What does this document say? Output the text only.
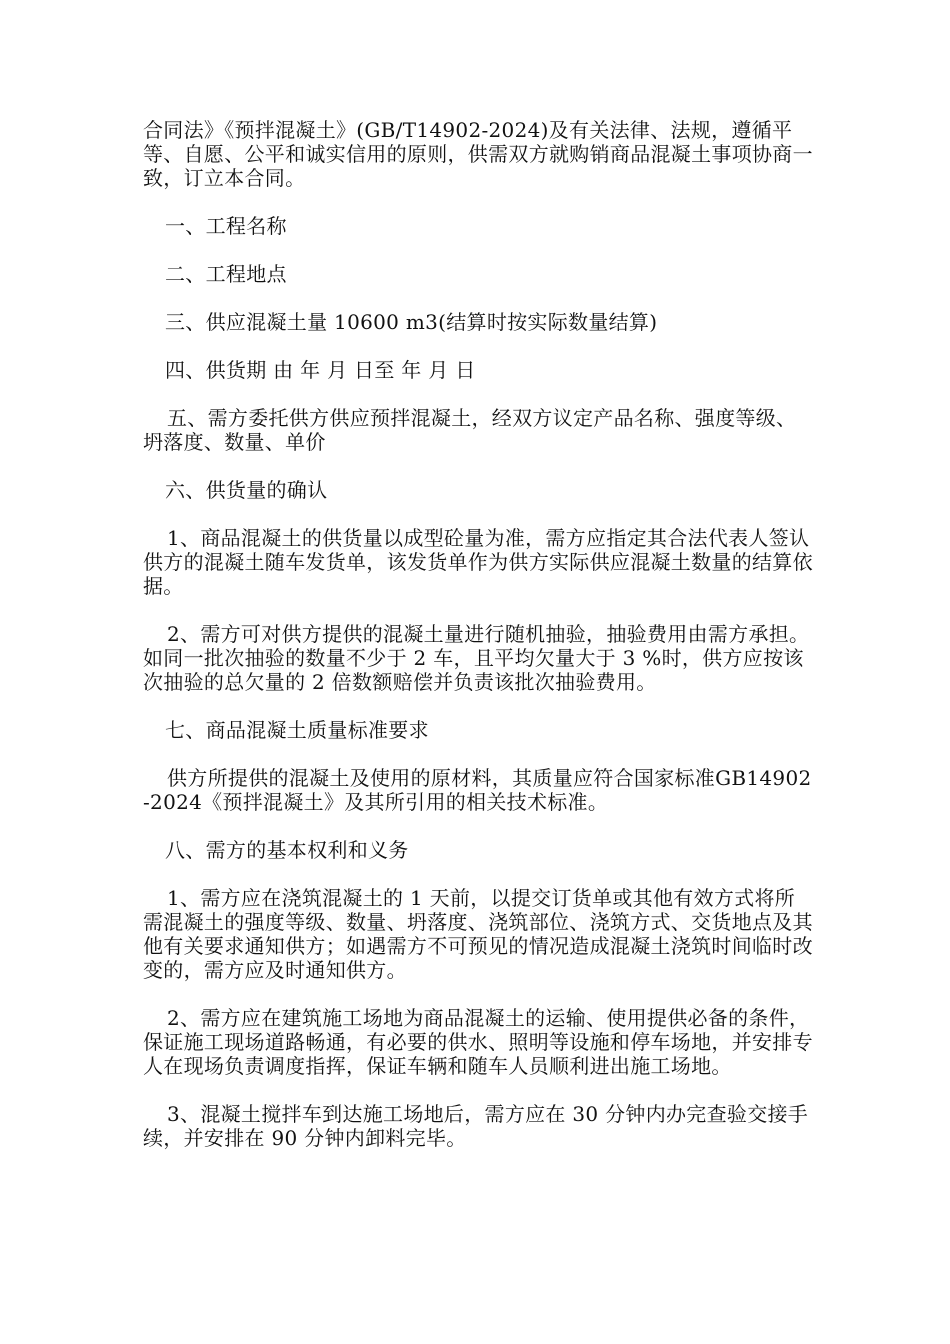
合同法》《预拌混凝土》(GB/T14902-2024)及有关法律、法规，遵循平等、自愿、公平和诚实信用的原则，供需双方就购销商品混凝土事项协商一致，订立本合同。

一、工程名称

二、工程地点

三、供应混凝土量 10600 m3(结算时按实际数量结算)

四、供货期 由 年 月 日至 年 月 日

五、需方委托供方供应预拌混凝土，经双方议定产品名称、强度等级、坍落度、数量、单价

六、供货量的确认

1、商品混凝土的供货量以成型砼量为准，需方应指定其合法代表人签认供方的混凝土随车发货单，该发货单作为供方实际供应混凝土数量的结算依据。

2、需方可对供方提供的混凝土量进行随机抽验，抽验费用由需方承担。如同一批次抽验的数量不少于 2 车，且平均欠量大于 3 %时，供方应按该次抽验的总欠量的 2 倍数额赔偿并负责该批次抽验费用。

七、商品混凝土质量标准要求

供方所提供的混凝土及使用的原材料，其质量应符合国家标准GB14902-2024《预拌混凝土》及其所引用的相关技术标准。

八、需方的基本权利和义务

1、需方应在浇筑混凝土的 1 天前，以提交订货单或其他有效方式将所需混凝土的强度等级、数量、坍落度、浇筑部位、浇筑方式、交货地点及其他有关要求通知供方；如遇需方不可预见的情况造成混凝土浇筑时间临时改变的，需方应及时通知供方。

2、需方应在建筑施工场地为商品混凝土的运输、使用提供必备的条件，保证施工现场道路畅通，有必要的供水、照明等设施和停车场地，并安排专人在现场负责调度指挥，保证车辆和随车人员顺利进出施工场地。

3、混凝土搅拌车到达施工场地后，需方应在 30 分钟内办完查验交接手续，并安排在 90 分钟内卸料完毕。
